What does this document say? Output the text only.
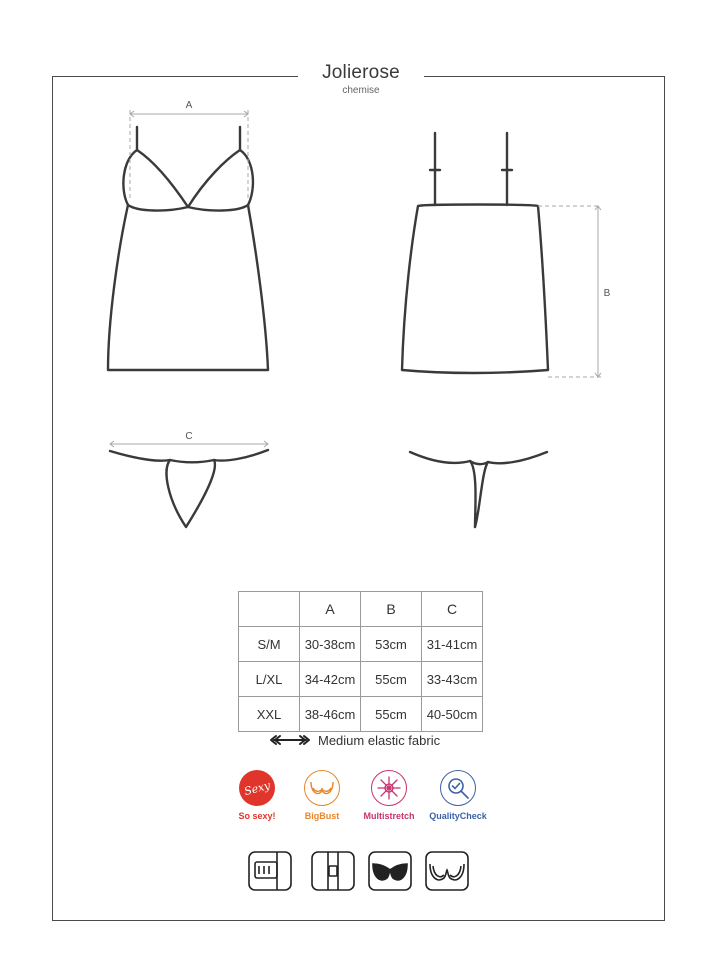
A
B
C
Jolierose
chemise
	A	B	C
S/M	30-38cm	53cm	31-41cm
L/XL	34-42cm	55cm	33-43cm
XXL	38-46cm	55cm	40-50cm
Medium elastic fabric
Sexy
So sexy!	BigBust	Multistretch	QualityCheck
